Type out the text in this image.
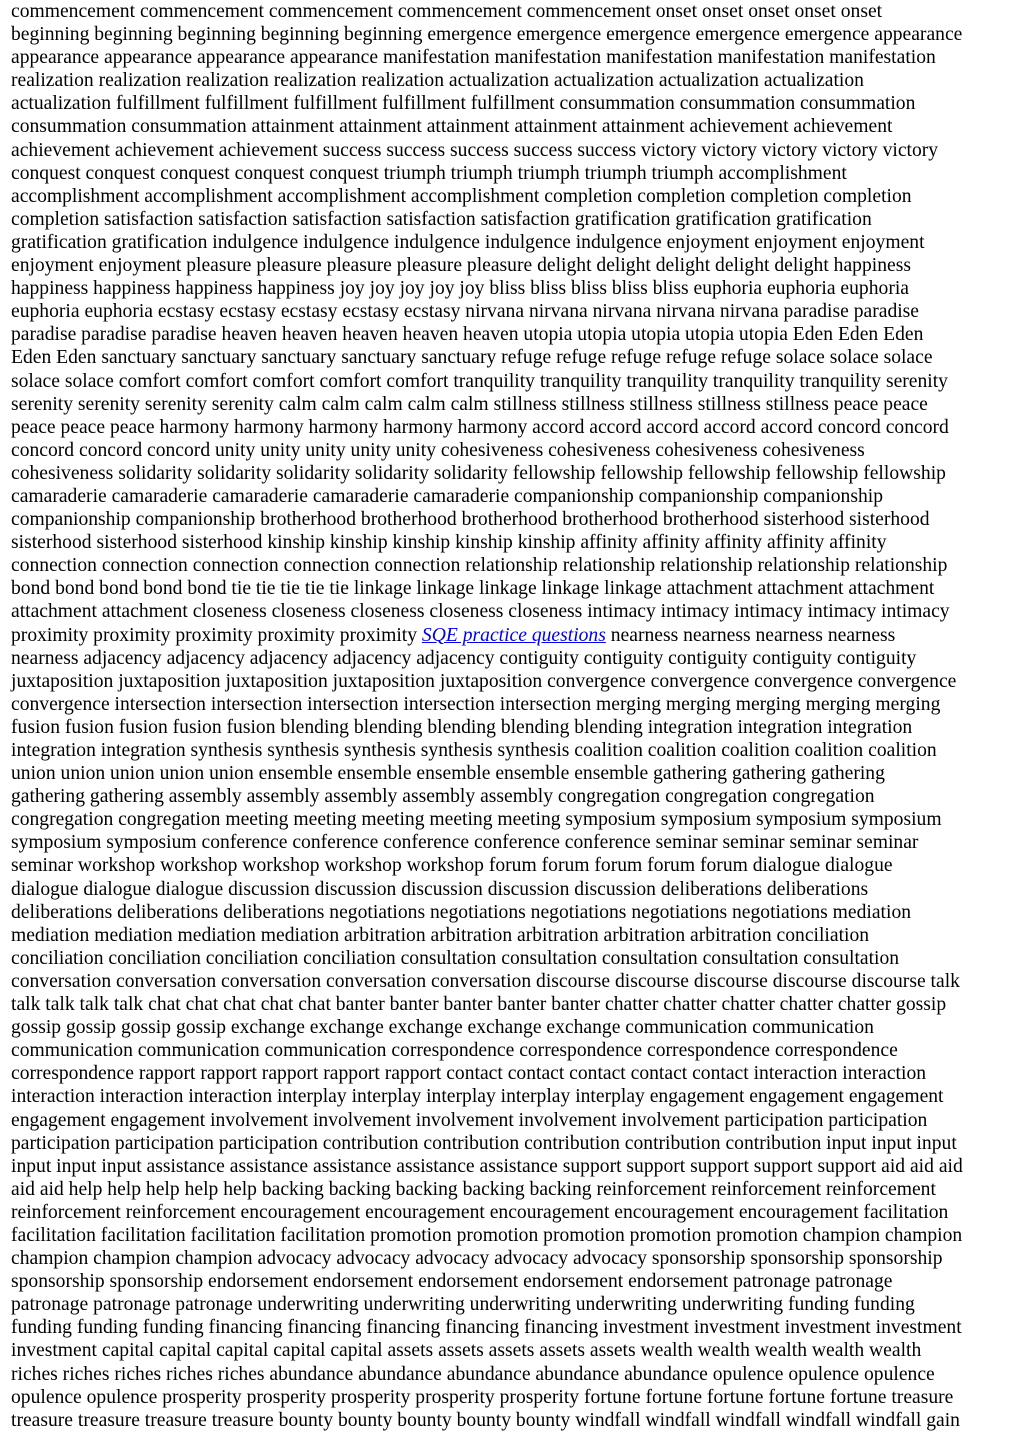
commencement commencement commencement commencement commencement onset onset onset onset onset
beginning beginning beginning beginning beginning emergence emergence emergence emergence emergence appearance
appearance appearance appearance appearance manifestation manifestation manifestation manifestation manifestation
realization realization realization realization realization actualization actualization actualization actualization
actualization fulfillment fulfillment fulfillment fulfillment fulfillment consummation consummation consummation
consummation consummation attainment attainment attainment attainment attainment achievement achievement
achievement achievement achievement success success success success success victory victory victory victory victory
conquest conquest conquest conquest conquest triumph triumph triumph triumph triumph accomplishment
accomplishment accomplishment accomplishment accomplishment completion completion completion completion
completion satisfaction satisfaction satisfaction satisfaction satisfaction gratification gratification gratification
gratification gratification indulgence indulgence indulgence indulgence indulgence enjoyment enjoyment enjoyment
enjoyment enjoyment pleasure pleasure pleasure pleasure pleasure delight delight delight delight delight happiness
happiness happiness happiness happiness joy joy joy joy joy bliss bliss bliss bliss bliss euphoria euphoria euphoria
euphoria euphoria ecstasy ecstasy ecstasy ecstasy ecstasy nirvana nirvana nirvana nirvana nirvana paradise paradise
paradise paradise paradise heaven heaven heaven heaven heaven utopia utopia utopia utopia utopia Eden Eden Eden
Eden Eden sanctuary sanctuary sanctuary sanctuary sanctuary refuge refuge refuge refuge refuge solace solace solace
solace solace comfort comfort comfort comfort comfort tranquility tranquility tranquility tranquility tranquility serenity
serenity serenity serenity serenity calm calm calm calm calm stillness stillness stillness stillness stillness peace peace
peace peace peace harmony harmony harmony harmony harmony accord accord accord accord accord concord concord
concord concord concord unity unity unity unity unity cohesiveness cohesiveness cohesiveness cohesiveness
cohesiveness solidarity solidarity solidarity solidarity solidarity fellowship fellowship fellowship fellowship fellowship
camaraderie camaraderie camaraderie camaraderie camaraderie companionship companionship companionship
companionship companionship brotherhood brotherhood brotherhood brotherhood brotherhood sisterhood sisterhood
sisterhood sisterhood sisterhood kinship kinship kinship kinship kinship affinity affinity affinity affinity affinity
connection connection connection connection connection relationship relationship relationship relationship relationship
bond bond bond bond bond tie tie tie tie tie linkage linkage linkage linkage linkage attachment attachment attachment
attachment attachment closeness closeness closeness closeness closeness intimacy intimacy intimacy intimacy intimacy
proximity proximity proximity proximity proximity SQE practice questions nearness nearness nearness nearness
nearness adjacency adjacency adjacency adjacency adjacency contiguity contiguity contiguity contiguity contiguity
juxtaposition juxtaposition juxtaposition juxtaposition juxtaposition convergence convergence convergence convergence
convergence intersection intersection intersection intersection intersection merging merging merging merging merging
fusion fusion fusion fusion fusion blending blending blending blending blending integration integration integration
integration integration synthesis synthesis synthesis synthesis synthesis coalition coalition coalition coalition coalition
union union union union union ensemble ensemble ensemble ensemble ensemble gathering gathering gathering
gathering gathering assembly assembly assembly assembly assembly congregation congregation congregation
congregation congregation meeting meeting meeting meeting meeting symposium symposium symposium symposium
symposium symposium conference conference conference conference conference seminar seminar seminar seminar
seminar workshop workshop workshop workshop workshop forum forum forum forum forum dialogue dialogue
dialogue dialogue dialogue discussion discussion discussion discussion discussion deliberations deliberations
deliberations deliberations deliberations negotiations negotiations negotiations negotiations negotiations mediation
mediation mediation mediation mediation arbitration arbitration arbitration arbitration arbitration conciliation
conciliation conciliation conciliation conciliation consultation consultation consultation consultation consultation
conversation conversation conversation conversation conversation discourse discourse discourse discourse discourse talk
talk talk talk talk chat chat chat chat chat banter banter banter banter banter chatter chatter chatter chatter chatter gossip
gossip gossip gossip gossip exchange exchange exchange exchange exchange communication communication
communication communication communication correspondence correspondence correspondence correspondence
correspondence rapport rapport rapport rapport rapport contact contact contact contact contact interaction interaction
interaction interaction interaction interplay interplay interplay interplay interplay engagement engagement engagement
engagement engagement involvement involvement involvement involvement involvement participation participation
participation participation participation contribution contribution contribution contribution contribution input input input
input input input assistance assistance assistance assistance assistance support support support support support aid aid aid
aid aid help help help help help backing backing backing backing backing reinforcement reinforcement reinforcement
reinforcement reinforcement encouragement encouragement encouragement encouragement encouragement facilitation
facilitation facilitation facilitation facilitation promotion promotion promotion promotion promotion champion champion
champion champion champion advocacy advocacy advocacy advocacy advocacy sponsorship sponsorship sponsorship
sponsorship sponsorship endorsement endorsement endorsement endorsement endorsement patronage patronage
patronage patronage patronage underwriting underwriting underwriting underwriting underwriting funding funding
funding funding funding financing financing financing financing financing investment investment investment investment
investment capital capital capital capital capital assets assets assets assets assets wealth wealth wealth wealth wealth
riches riches riches riches riches abundance abundance abundance abundance abundance opulence opulence opulence
opulence opulence prosperity prosperity prosperity prosperity prosperity fortune fortune fortune fortune fortune treasure
treasure treasure treasure treasure bounty bounty bounty bounty bounty windfall windfall windfall windfall windfall gain
